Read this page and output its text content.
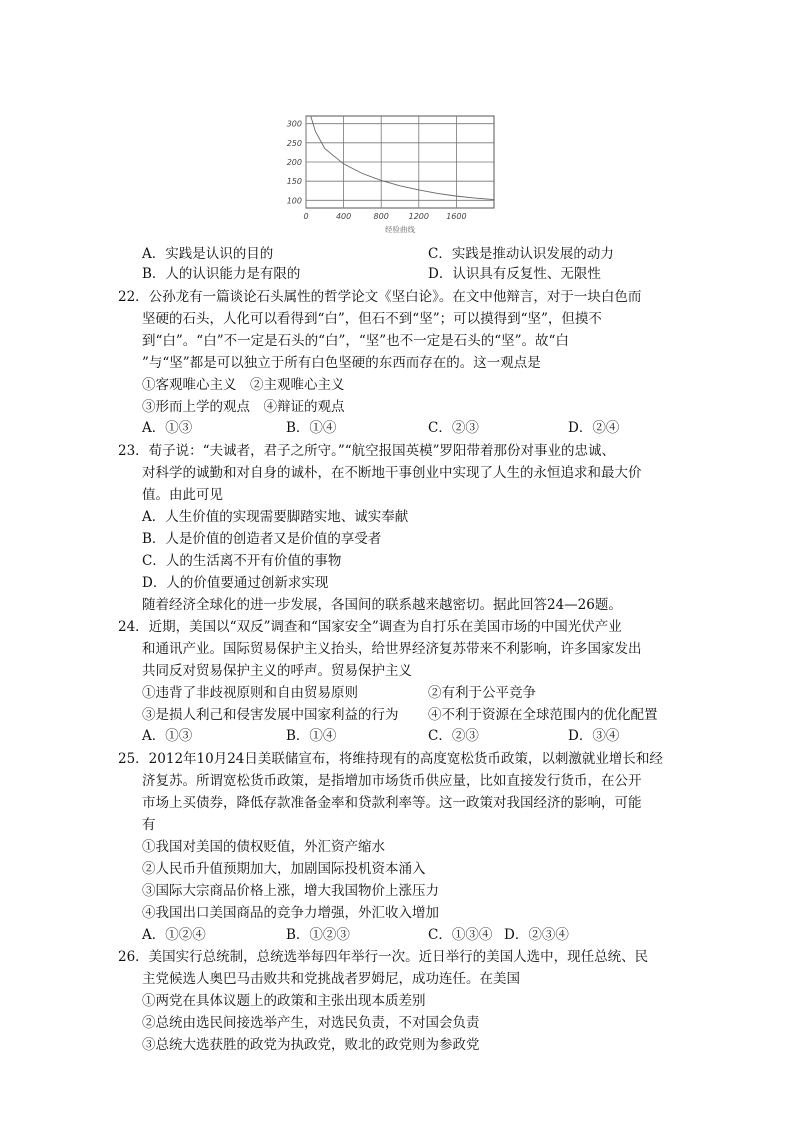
100
150
200
250
300
0	400	800 1200 1600
经验曲线
A．实践是认识的目的	C．实践是推动认识发展的动力
B．人的认识能力是有限的	D．认识具有反复性、无限性
22．公孙龙有一篇谈论石头属性的哲学论文《坚白论》。在文中他辩言，对于一块白色而
坚硬的石头，人化可以看得到“白”，但石不到“坚”；可以摸得到“坚”，但摸不
到“白”。“白”不一定是石头的“白”，“坚”也不一定是石头的“坚”。故“白
”与“坚”都是可以独立于所有白色坚硬的东西而存在的。这一观点是
①客观唯心主义　②主观唯心主义
③形而上学的观点　④辩证的观点
A．①③	B．①④	C．②③	D．②④
23．荀子说：“夫诚者，君子之所守。”“航空报国英模”罗阳带着那份对事业的忠诚、
对科学的诚勤和对自身的诚朴，在不断地干事创业中实现了人生的永恒追求和最大价
值。由此可见
A．人生价值的实现需要脚踏实地、诚实奉献
B．人是价值的创造者又是价值的享受者
C．人的生活离不开有价值的事物
D．人的价值要通过创新求实现
随着经济全球化的进一步发展，各国间的联系越来越密切。据此回答24—26题。
24．近期，美国以“双反”调查和“国家安全”调查为自打乐在美国市场的中国光伏产业
和通讯产业。国际贸易保护主义抬头，给世界经济复苏带来不利影响，许多国家发出
共同反对贸易保护主义的呼声。贸易保护主义
①违背了非歧视原则和自由贸易原则	②有利于公平竞争
③是损人利己和侵害发展中国家利益的行为 ④不利于资源在全球范围内的优化配置
A．①③	B．①④	C．②③	D．③④
25．2012年10月24日美联储宣布，将维持现有的高度宽松货币政策，以刺激就业增长和经
济复苏。所谓宽松货币政策，是指增加市场货币供应量，比如直接发行货币，在公开
市场上买债券，降低存款准备金率和贷款利率等。这一政策对我国经济的影响，可能
有
①我国对美国的债权贬值，外汇资产缩水
②人民币升值预期加大，加剧国际投机资本涌入
③国际大宗商品价格上涨，增大我国物价上涨压力
④我国出口美国商品的竞争力增强，外汇收入增加
A．①②④	B．①②③	C．①③④ D．②③④
26．美国实行总统制，总统选举每四年举行一次。近日举行的美国人选中，现任总统、民
主党候选人奥巴马击败共和党挑战者罗姆尼，成功连任。在美国
①两党在具体议题上的政策和主张出现本质差别
②总统由选民间接选举产生，对选民负责，不对国会负责
③总统大选获胜的政党为执政党，败北的政党则为参政党
